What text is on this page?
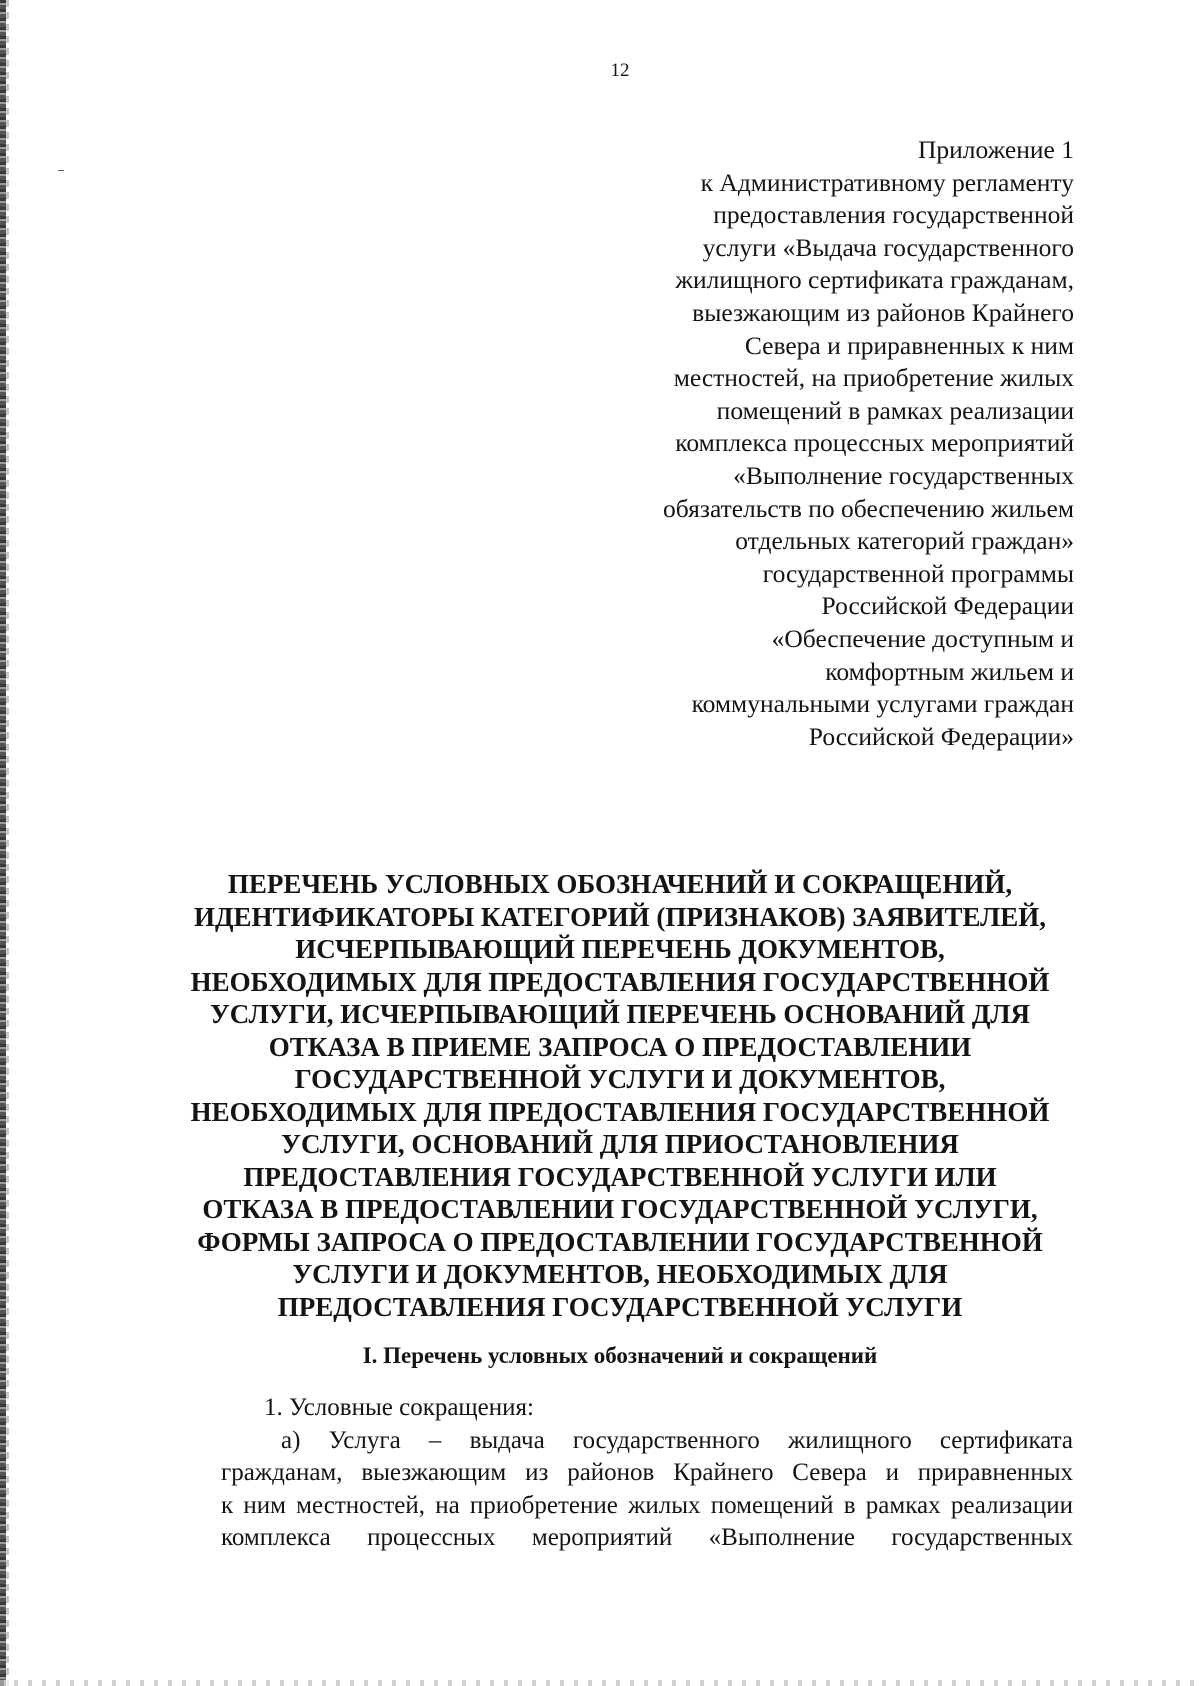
12
Приложение 1
к Административному регламенту
предоставления государственной
услуги «Выдача государственного
жилищного сертификата гражданам,
выезжающим из районов Крайнего
Севера и приравненных к ним
местностей, на приобретение жилых
помещений в рамках реализации
комплекса процессных мероприятий
«Выполнение государственных
обязательств по обеспечению жильем
отдельных категорий граждан»
государственной программы
Российской Федерации
«Обеспечение доступным и
комфортным жильем и
коммунальными услугами граждан
Российской Федерации»
ПЕРЕЧЕНЬ УСЛОВНЫХ ОБОЗНАЧЕНИЙ И СОКРАЩЕНИЙ,
ИДЕНТИФИКАТОРЫ КАТЕГОРИЙ (ПРИЗНАКОВ) ЗАЯВИТЕЛЕЙ,
ИСЧЕРПЫВАЮЩИЙ ПЕРЕЧЕНЬ ДОКУМЕНТОВ,
НЕОБХОДИМЫХ ДЛЯ ПРЕДОСТАВЛЕНИЯ ГОСУДАРСТВЕННОЙ
УСЛУГИ, ИСЧЕРПЫВАЮЩИЙ ПЕРЕЧЕНЬ ОСНОВАНИЙ ДЛЯ
ОТКАЗА В ПРИЕМЕ ЗАПРОСА О ПРЕДОСТАВЛЕНИИ
ГОСУДАРСТВЕННОЙ УСЛУГИ И ДОКУМЕНТОВ,
НЕОБХОДИМЫХ ДЛЯ ПРЕДОСТАВЛЕНИЯ ГОСУДАРСТВЕННОЙ
УСЛУГИ, ОСНОВАНИЙ ДЛЯ ПРИОСТАНОВЛЕНИЯ
ПРЕДОСТАВЛЕНИЯ ГОСУДАРСТВЕННОЙ УСЛУГИ ИЛИ
ОТКАЗА В ПРЕДОСТАВЛЕНИИ ГОСУДАРСТВЕННОЙ УСЛУГИ,
ФОРМЫ ЗАПРОСА О ПРЕДОСТАВЛЕНИИ ГОСУДАРСТВЕННОЙ
УСЛУГИ И ДОКУМЕНТОВ, НЕОБХОДИМЫХ ДЛЯ
ПРЕДОСТАВЛЕНИЯ ГОСУДАРСТВЕННОЙ УСЛУГИ
I. Перечень условных обозначений и сокращений
1. Условные сокращения:
а) Услуга – выдача государственного жилищного сертификата
гражданам, выезжающим из районов Крайнего Севера и приравненных
к ним местностей, на приобретение жилых помещений в рамках реализации
комплекса процессных мероприятий «Выполнение государственных
